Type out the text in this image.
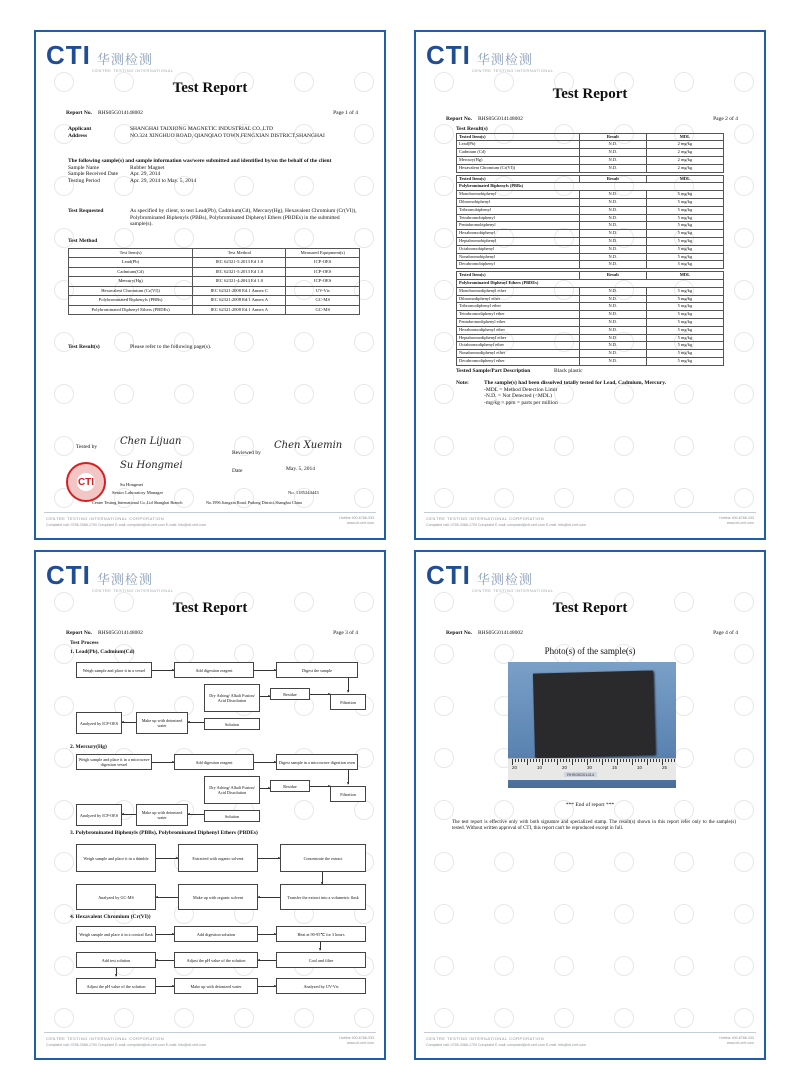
CTI 华测检测
CENTRE TESTING INTERNATIONAL
Test Report
Report No. RHS05G014148002	Page 1 of 4
Applicant	SHANGHAI TAIXIONG MAGNETIC INDUSTRIAL CO.,LTD
Address	NO.324 XINGHUO ROAD, QIANQIAO TOWN,FENGXIAN DISTRICT,SHANGHAI
The following sample(s) and sample information was/were submitted and identified by/on the behalf of the client
Sample Name	Rubber Magnet
Sample Received Date	Apr. 29, 2014
Testing Period	Apr. 29, 2014 to May. 5, 2014
Test Requested	As specified by client, to test Lead(Pb), Cadmium(Cd), Mercury(Hg), Hexavalent Chromium (Cr(VI)), Polybrominated Biphenyls (PBBs), Polybrominated Diphenyl Ethers (PBDEs) in the submitted sample(s).
Test Method
Test Item(s)	Test Method	Measured Equipment(s)
Lead(Pb)	IEC 62321-5:2013 Ed 1.0	ICP-OES
Cadmium(Cd)	IEC 62321-5:2013 Ed 1.0	ICP-OES
Mercury(Hg)	IEC 62321-4:2013 Ed 1.0	ICP-OES
Hexavalent Chromium (Cr(VI))	IEC 62321:2008 Ed.1 Annex C	UV-Vis
Polybrominated Biphenyls (PBBs)	IEC 62321:2008 Ed.1 Annex A	GC-MS
Polybrominated Diphenyl Ethers (PBDEs)	IEC 62321:2008 Ed.1 Annex A	GC-MS
Test Result(s)	Please refer to the following page(s).
Tested by	Chen Lijuan
Reviewed by
Chen Xuemin
Su Hongmei	Date	May. 5, 2014
Su Hongmei
Senior Laboratory Manager	No. 1185244443
Centre Testing International Co.,Ltd Shanghai Branch	No.1996 Jiangxin Road, Pudong District,Shanghai China
CTI
CENTRE TESTING INTERNATIONAL CORPORATION
Complaint call: 0755-3368-1700 Complaint E-mail: complaint@cti-cert.com E-mail: info@cti-cert.com
Hotline 400-6788-333
www.cti-cert.com
CTI 华测检测
CENTRE TESTING INTERNATIONAL
Test Report
Report No. RHS05G014148002	Page 2 of 4
Test Result(s)
Tested Item(s)	Result	MDL
Lead(Pb)	N.D.	2 mg/kg
Cadmium (Cd)	N.D.	2 mg/kg
Mercury(Hg)	N.D.	2 mg/kg
Hexavalent Chromium (Cr(VI))	N.D.	2 mg/kg
Tested Item(s)	Result	MDL
Polybrominated Biphenyls (PBBs)		
Monobromobiphenyl	N.D.	5 mg/kg
Dibromobiphenyl	N.D.	5 mg/kg
Tribromobiphenyl	N.D.	5 mg/kg
Tetrabromobiphenyl	N.D.	5 mg/kg
Pentabromobiphenyl	N.D.	5 mg/kg
Hexabromobiphenyl	N.D.	5 mg/kg
Heptabromobiphenyl	N.D.	5 mg/kg
Octabromobiphenyl	N.D.	5 mg/kg
Nonabromobiphenyl	N.D.	5 mg/kg
Decabromobiphenyl	N.D.	5 mg/kg
Tested Item(s)	Result	MDL
Polybrominated Diphenyl Ethers (PBDEs)		
Monobromodiphenyl ether	N.D.	5 mg/kg
Dibromodiphenyl ether	N.D.	5 mg/kg
Tribromodiphenyl ether	N.D.	5 mg/kg
Tetrabromodiphenyl ether	N.D.	5 mg/kg
Pentabromodiphenyl ether	N.D.	5 mg/kg
Hexabromodiphenyl ether	N.D.	5 mg/kg
Heptabromodiphenyl ether	N.D.	5 mg/kg
Octabromodiphenyl ether	N.D.	5 mg/kg
Nonabromodiphenyl ether	N.D.	5 mg/kg
Decabromodiphenyl ether	N.D.	5 mg/kg
Tested Sample/Part Description	Black plastic
Note:	The sample(s) had been dissolved totally tested for Lead, Cadmium, Mercury.
-MDL = Method Detection Limit
-N.D. = Not Detected (<MDL)
-mg/kg = ppm = parts per million
CENTRE TESTING INTERNATIONAL CORPORATION
Complaint call: 0755-3368-1700 Complaint E-mail: complaint@cti-cert.com E-mail: info@cti-cert.com
Hotline 400-6788-333
www.cti-cert.com
CTI 华测检测
CENTRE TESTING INTERNATIONAL
Test Report
Report No. RHS05G014148002	Page 3 of 4
Test Process
1. Lead(Pb), Cadmium(Cd)
2. Mercury(Hg)
3. Polybrominated Biphenyls (PBBs), Polybrominated Diphenyl Ethers (PBDEs)
4. Hexavalent Chromium (Cr(VI))
Weigh sample and place it in a vessel	Add digestion reagent	Digest the sample
Dry Ashing/ Alkali Fusion/ Acid Dissolution
Residue
Filtration
Analyzed by ICP-OES	Make up with deionized water	Solution
Weigh sample and place it in a microwave digestion vessel	Add digestion reagent	Digest sample in a microwave digestion oven
Dry Ashing/ Alkali Fusion/ Acid Dissolution
Residue
Filtration
Analyzed by ICP-OES	Make up with deionized water	Solution
Weigh sample and place it in a thimble	Extracted with organic solvent	Concentrate the extract
Analyzed by GC-MS	Make up with organic solvent	Transfer the extract into a volumetric flask
Weigh sample and place it in a conical flask	Add digestion solution	Heat at 90-95℃ for 3 hours
Add test solution	Adjust the pH value of the solution	Cool and filter
Adjust the pH value of the solution	Make up with deionized water	Analyzed by UV-Vis
CENTRE TESTING INTERNATIONAL CORPORATION
Complaint call: 0755-3368-1700 Complaint E-mail: complaint@cti-cert.com E-mail: info@cti-cert.com
Hotline 400-6788-333
www.cti-cert.com
CTI 华测检测
CENTRE TESTING INTERNATIONAL
Test Report
Report No. RHS05G014148002	Page 4 of 4
Photo(s) of the sample(s)
RHS05G01414
20	10	20	30	15	10	25
*** End of report ***
The test report is effective only with both signature and specialized stamp. The result(s) shown in this report refer only to the sample(s) tested. Without written approval of CTI, this report can't be reproduced except in full.
CENTRE TESTING INTERNATIONAL CORPORATION
Complaint call: 0755-3368-1700 Complaint E-mail: complaint@cti-cert.com E-mail: info@cti-cert.com
Hotline 400-6788-333
www.cti-cert.com
